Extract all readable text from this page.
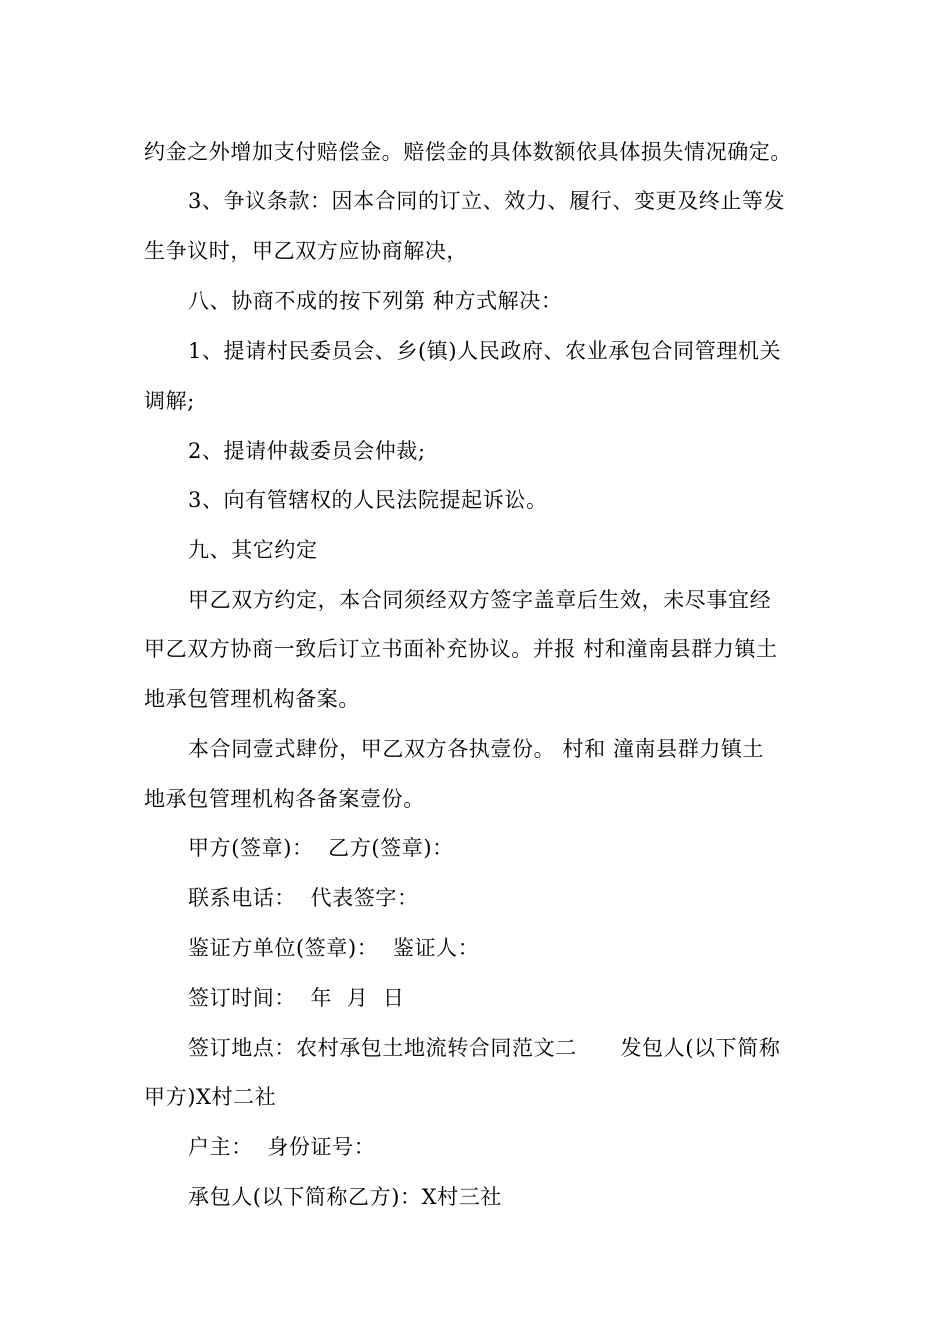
约金之外增加支付赔偿金。赔偿金的具体数额依具体损失情况确定。
3、争议条款：因本合同的订立、效力、履行、变更及终止等发
生争议时，甲乙双方应协商解决，
八、协商不成的按下列第 种方式解决：
1、提请村民委员会、乡(镇)人民政府、农业承包合同管理机关
调解;
2、提请仲裁委员会仲裁;
3、向有管辖权的人民法院提起诉讼。
九、其它约定
甲乙双方约定，本合同须经双方签字盖章后生效，未尽事宜经
甲乙双方协商一致后订立书面补充协议。并报 村和潼南县群力镇土
地承包管理机构备案。
本合同壹式肆份，甲乙双方各执壹份。 村和 潼南县群力镇土
地承包管理机构各备案壹份。
甲方(签章)：  乙方(签章)：
联系电话：  代表签字：
鉴证方单位(签章)：  鉴证人：
签订时间：  年  月  日
签订地点：农村承包土地流转合同范文二      发包人(以下简称
甲方)X村二社
户主：  身份证号：
承包人(以下简称乙方)：X村三社
